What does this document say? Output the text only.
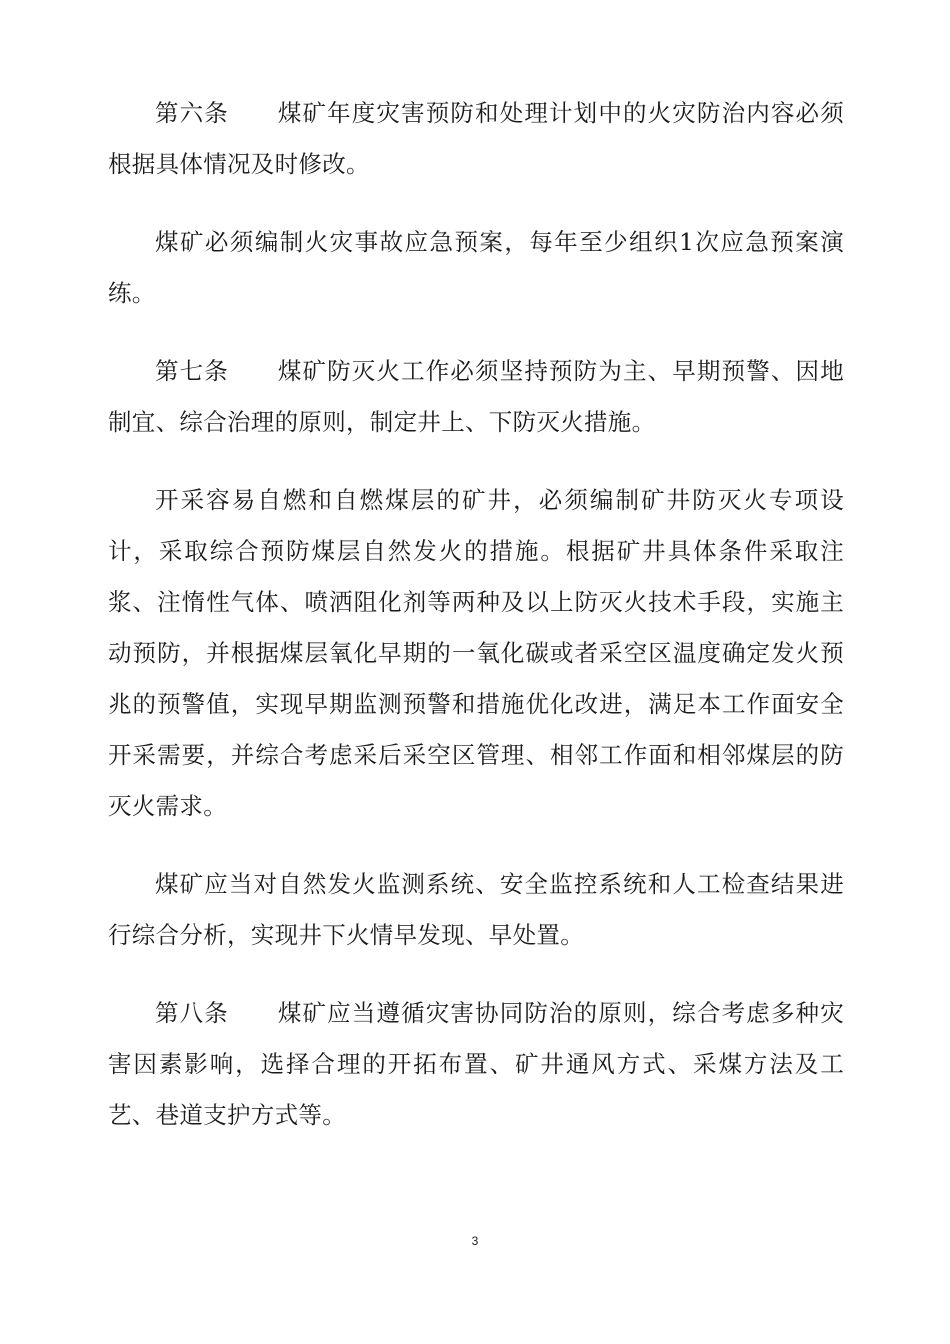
第六条 煤矿年度灾害预防和处理计划中的火灾防治内容必须根据具体情况及时修改。

煤矿必须编制火灾事故应急预案，每年至少组织1次应急预案演练。

第七条 煤矿防灭火工作必须坚持预防为主、早期预警、因地制宜、综合治理的原则，制定井上、下防灭火措施。

开采容易自燃和自燃煤层的矿井，必须编制矿井防灭火专项设计，采取综合预防煤层自然发火的措施。根据矿井具体条件采取注浆、注惰性气体、喷洒阻化剂等两种及以上防灭火技术手段，实施主动预防，并根据煤层氧化早期的一氧化碳或者采空区温度确定发火预兆的预警值，实现早期监测预警和措施优化改进，满足本工作面安全开采需要，并综合考虑采后采空区管理、相邻工作面和相邻煤层的防灭火需求。

煤矿应当对自然发火监测系统、安全监控系统和人工检查结果进行综合分析，实现井下火情早发现、早处置。

第八条 煤矿应当遵循灾害协同防治的原则，综合考虑多种灾害因素影响，选择合理的开拓布置、矿井通风方式、采煤方法及工艺、巷道支护方式等。

3
